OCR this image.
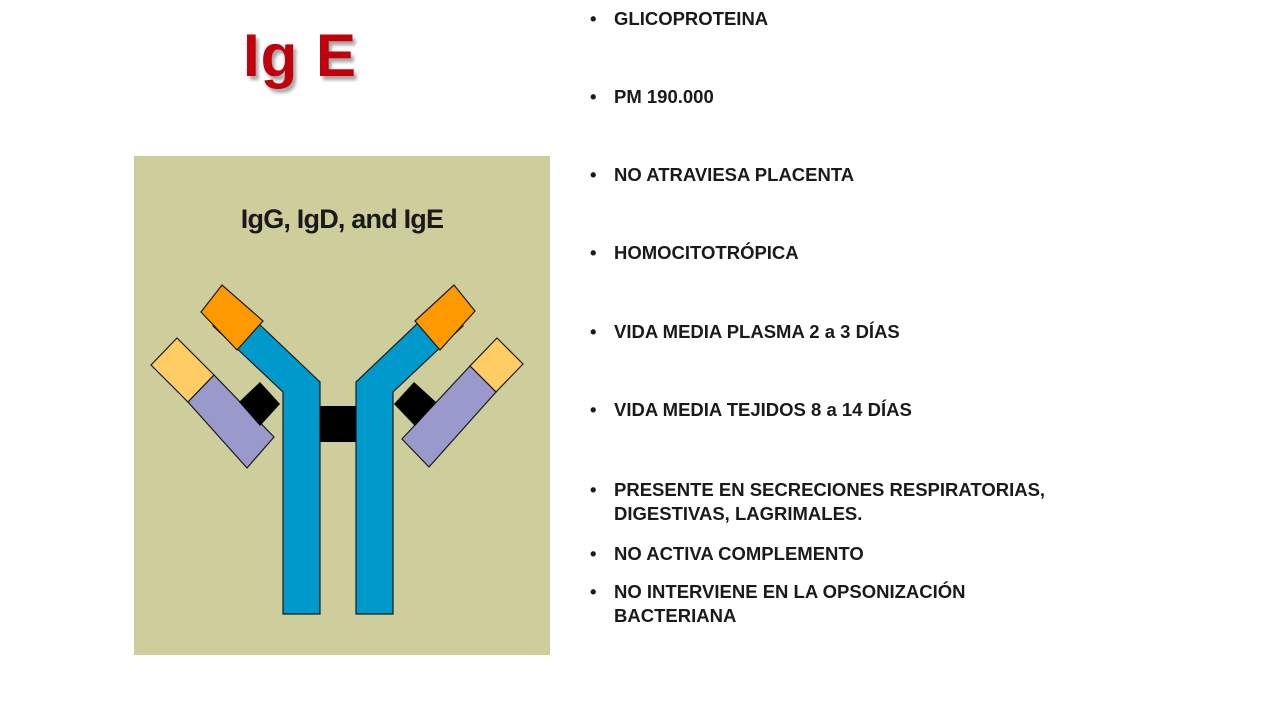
Ig E
IgG, IgD, and IgE
• GLICOPROTEINA
• PM 190.000
• NO ATRAVIESA PLACENTA
• HOMOCITOTRÓPICA
• VIDA MEDIA PLASMA 2 a 3 DÍAS
• VIDA MEDIA TEJIDOS 8 a 14 DÍAS
• PRESENTE EN SECRECIONES RESPIRATORIAS, DIGESTIVAS, LAGRIMALES.
• NO ACTIVA COMPLEMENTO
• NO INTERVIENE EN LA OPSONIZACIÓN BACTERIANA
